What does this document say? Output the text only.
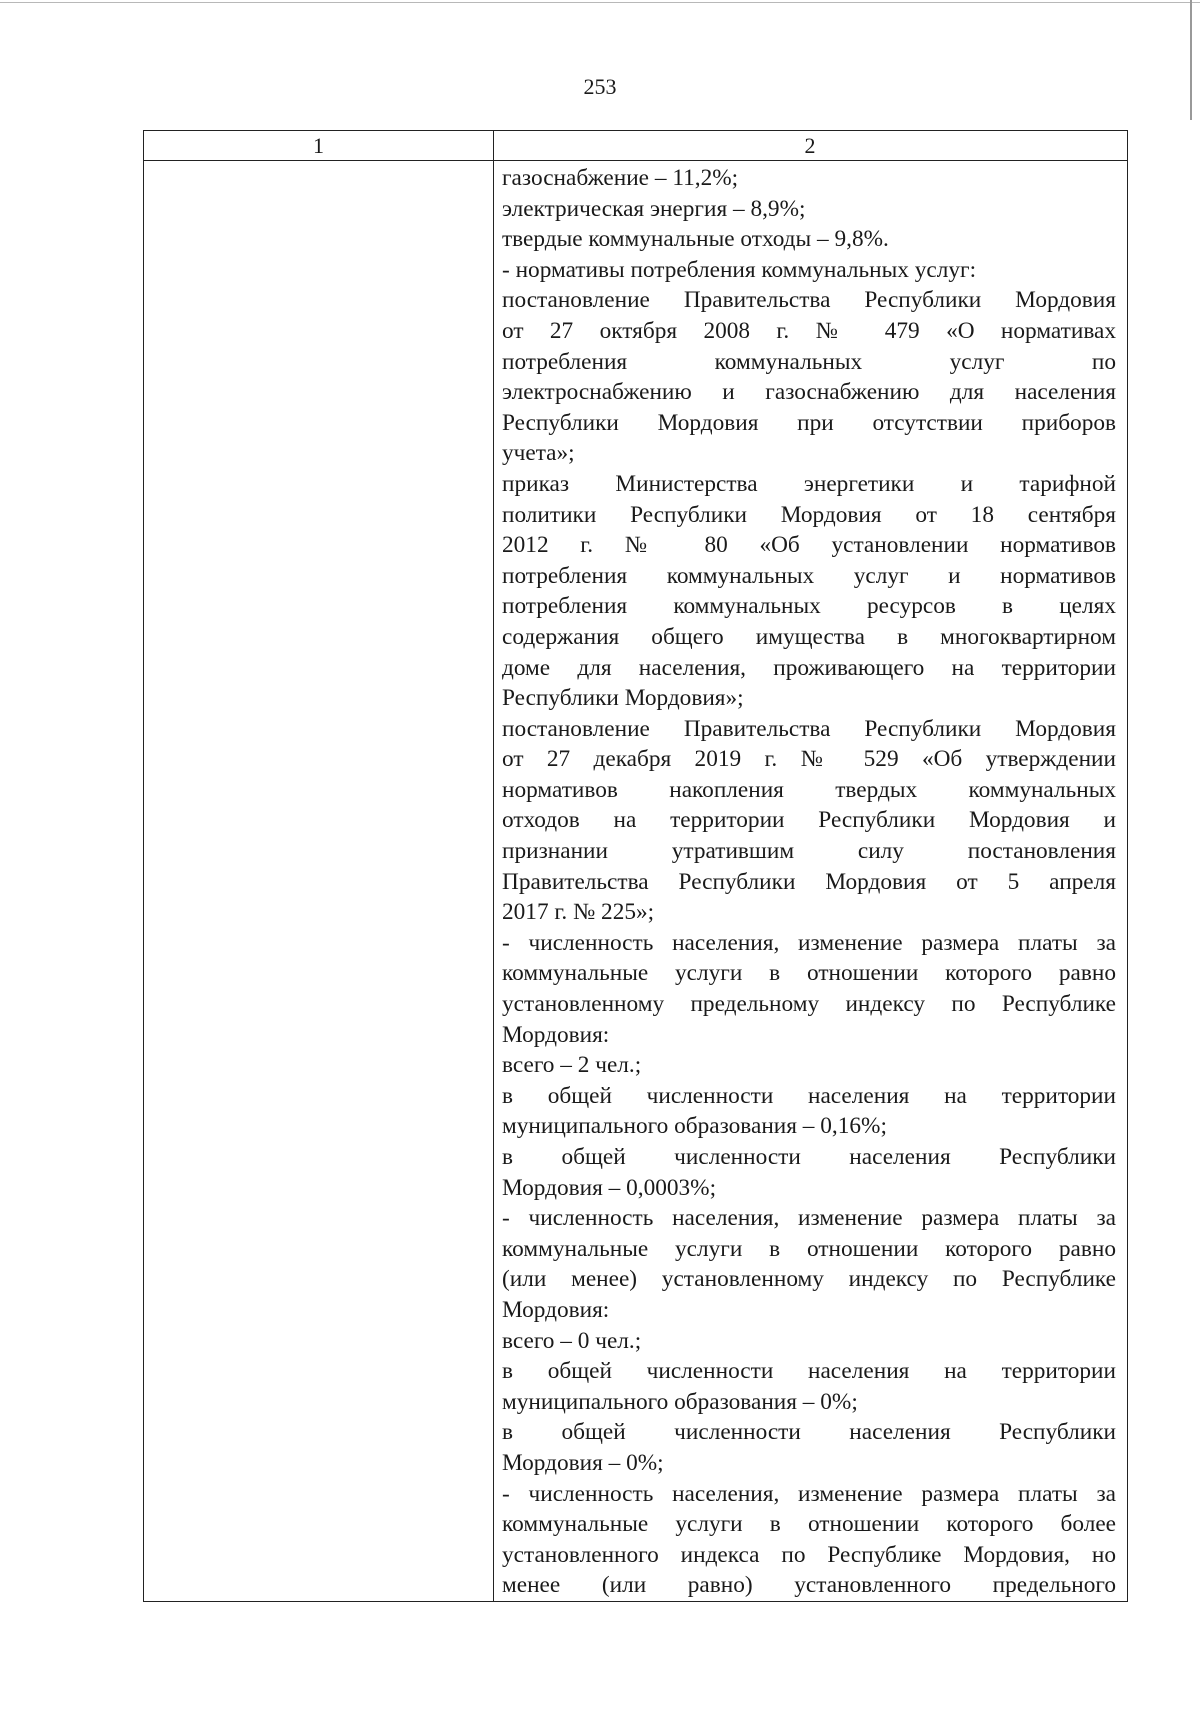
253
1	2
газоснабжение – 11,2%;
электрическая энергия – 8,9%;
твердые коммунальные отходы – 9,8%.
- нормативы потребления коммунальных услуг:
постановление Правительства Республики Мордовия
от 27 октября 2008 г. № 479 «О нормативах
потребления коммунальных услуг по
электроснабжению и газоснабжению для населения
Республики Мордовия при отсутствии приборов
учета»;
приказ Министерства энергетики и тарифной
политики Республики Мордовия от 18 сентября
2012 г. № 80 «Об установлении нормативов
потребления коммунальных услуг и нормативов
потребления коммунальных ресурсов в целях
содержания общего имущества в многоквартирном
доме для населения, проживающего на территории
Республики Мордовия»;
постановление Правительства Республики Мордовия
от 27 декабря 2019 г. № 529 «Об утверждении
нормативов накопления твердых коммунальных
отходов на территории Республики Мордовия и
признании утратившим силу постановления
Правительства Республики Мордовия от 5 апреля
2017 г. № 225»;
- численность населения, изменение размера платы за
коммунальные услуги в отношении которого равно
установленному предельному индексу по Республике
Мордовия:
всего – 2 чел.;
в общей численности населения на территории
муниципального образования – 0,16%;
в общей численности населения Республики
Мордовия – 0,0003%;
- численность населения, изменение размера платы за
коммунальные услуги в отношении которого равно
(или менее) установленному индексу по Республике
Мордовия:
всего – 0 чел.;
в общей численности населения на территории
муниципального образования – 0%;
в общей численности населения Республики
Мордовия – 0%;
- численность населения, изменение размера платы за
коммунальные услуги в отношении которого более
установленного индекса по Республике Мордовия, но
менее (или равно) установленного предельного
